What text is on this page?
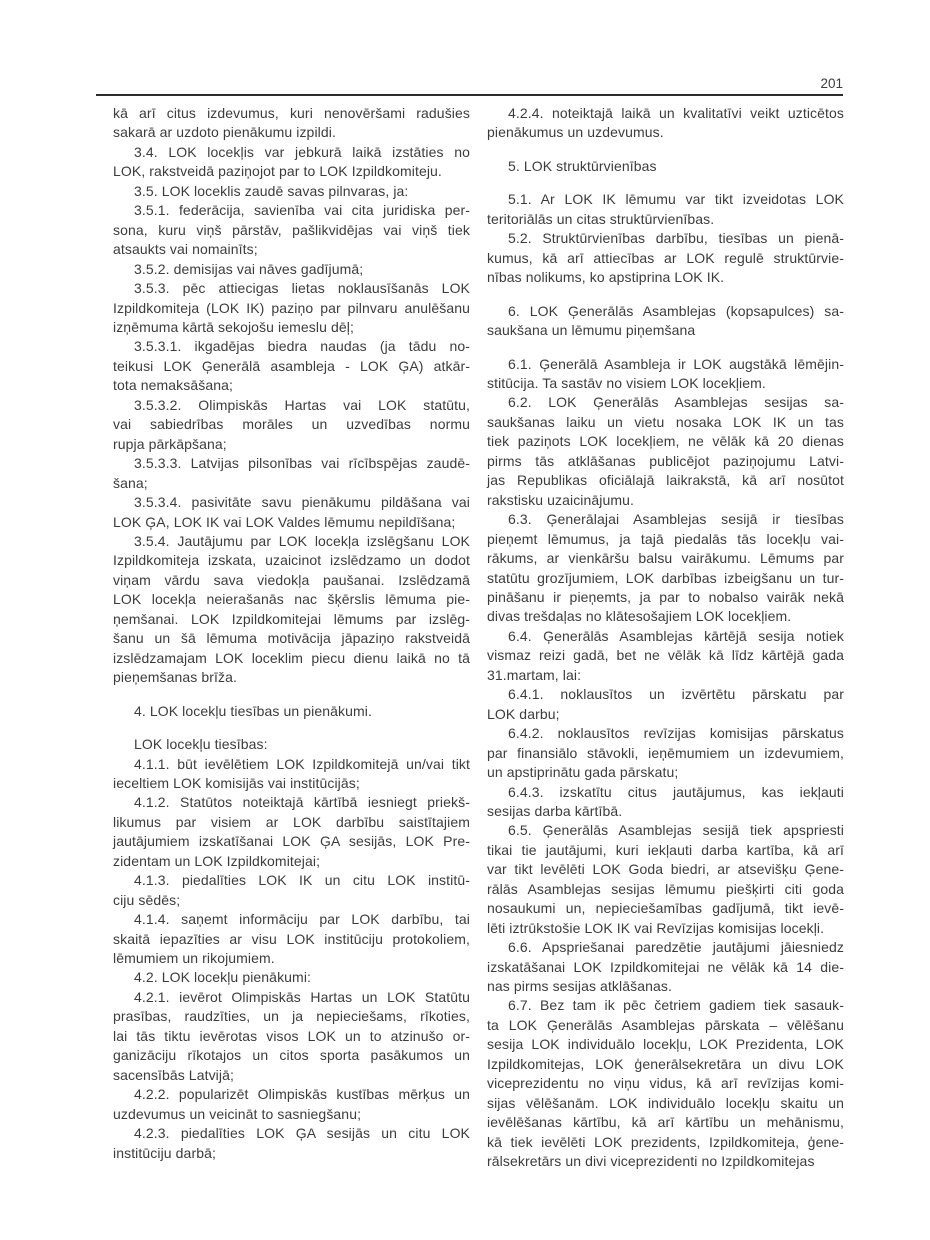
201
kā arī citus izdevumus, kuri nenovēršami radušies
sakarā ar uzdoto pienākumu izpildi.
3.4. LOK locekļis var jebkurā laikā izstāties no
LOK, rakstveidā paziņojot par to LOK Izpildkomiteju.
3.5. LOK loceklis zaudē savas pilnvaras, ja:
3.5.1. federācija, savienība vai cita juridiska per-
sona, kuru viņš pārstāv, pašlikvidējas vai viņš tiek
atsaukts vai nomainīts;
3.5.2. demisijas vai nāves gadījumā;
3.5.3. pēc attiecigas lietas noklausīšanās LOK
Izpildkomiteja (LOK IK) paziņo par pilnvaru anulēšanu
izņēmuma kārtā sekojošu iemeslu dēļ;
3.5.3.1. ikgadējas biedra naudas (ja tādu no-
teikusi LOK Ģenerālā asambleja - LOK ĢA) atkār-
tota nemaksāšana;
3.5.3.2. Olimpiskās Hartas vai LOK statūtu,
vai sabiedrības morāles un uzvedības normu
rupja pārkāpšana;
3.5.3.3. Latvijas pilsonības vai rīcībspējas zaudē-
šana;
3.5.3.4. pasivitāte savu pienākumu pildāšana vai
LOK ĢA, LOK IK vai LOK Valdes lēmumu nepildīšana;
3.5.4. Jautājumu par LOK locekļa izslēgšanu LOK
Izpildkomiteja izskata, uzaicinot izslēdzamo un dodot
viņam vārdu sava viedokļa paušanai. Izslēdzamā
LOK locekļa neierašanās nac šķērslis lēmuma pie-
ņemšanai. LOK Izpildkomitejai lēmums par izslēg-
šanu un šā lēmuma motivācija jāpaziņo rakstveidā
izslēdzamajam LOK loceklim piecu dienu laikā no tā
pieņemšanas brīža.
4. LOK locekļu tiesības un pienākumi.
LOK locekļu tiesības:
4.1.1. būt ievēlētiem LOK Izpildkomitejā un/vai tikt
ieceltiem LOK komisijās vai institūcijās;
4.1.2. Statūtos noteiktajā kārtībā iesniegt priekš-
likumus par visiem ar LOK darbību saistītajiem
jautājumiem izskatīšanai LOK ĢA sesijās, LOK Pre-
zidentam un LOK Izpildkomitejai;
4.1.3. piedalīties LOK IK un citu LOK institū-
ciju sēdēs;
4.1.4. saņemt informāciju par LOK darbību, tai
skaitā iepazīties ar visu LOK institūciju protokoliem,
lēmumiem un rikojumiem.
4.2. LOK locekļu pienākumi:
4.2.1. ievērot Olimpiskās Hartas un LOK Statūtu
prasības, raudzīties, un ja nepieciešams, rīkoties,
lai tās tiktu ievērotas visos LOK un to atzinušo or-
ganizāciju rīkotajos un citos sporta pasākumos un
sacensībās Latvijā;
4.2.2. popularizēt Olimpiskās kustības mērķus un
uzdevumus un veicināt to sasniegšanu;
4.2.3. piedalīties LOK ĢA sesijās un citu LOK
institūciju darbā;
4.2.4. noteiktajā laikā un kvalitatīvi veikt uzticētos
pienākumus un uzdevumus.
5. LOK struktūrvienības
5.1. Ar LOK IK lēmumu var tikt izveidotas LOK
teritoriālās un citas struktūrvienības.
5.2. Struktūrvienības darbību, tiesības un pienā-
kumus, kā arī attiecības ar LOK regulē struktūrvie-
nības nolikums, ko apstiprina LOK IK.
6. LOK Ģenerālās Asamblejas (kopsapulces) sa-
saukšana un lēmumu piņemšana
6.1. Ģenerālā Asambleja ir LOK augstākā lēmējin-
stitūcija. Ta sastāv no visiem LOK locekļiem.
6.2. LOK Ģenerālās Asamblejas sesijas sa-
saukšanas laiku un vietu nosaka LOK IK un tas
tiek paziņots LOK locekļiem, ne vēlāk kā 20 dienas
pirms tās atklāšanas publicējot paziņojumu Latvi-
jas Republikas oficiālajā laikrakstā, kā arī nosūtot
rakstisku uzaicinājumu.
6.3. Ģenerālajai Asamblejas sesijā ir tiesības
pieņemt lēmumus, ja tajā piedalās tās locekļu vai-
rākums, ar vienkāršu balsu vairākumu. Lēmums par
statūtu grozījumiem, LOK darbības izbeigšanu un tur-
pināšanu ir pieņemts, ja par to nobalso vairāk nekā
divas trešdaļas no klātesošajiem LOK locekļiem.
6.4. Ģenerālās Asamblejas kārtējā sesija notiek
vismaz reizi gadā, bet ne vēlāk kā līdz kārtējā gada
31.martam, lai:
6.4.1. noklausītos un izvērtētu pārskatu par
LOK darbu;
6.4.2. noklausītos revīzijas komisijas pārskatus
par finansiālo stāvokli, ieņēmumiem un izdevumiem,
un apstiprinātu gada pārskatu;
6.4.3. izskatītu citus jautājumus, kas iekļauti
sesijas darba kārtībā.
6.5. Ģenerālās Asamblejas sesijā tiek apspriesti
tikai tie jautājumi, kuri iekļauti darba kartība, kā arī
var tikt levēlēti LOK Goda biedri, ar atsevišķu Ģene-
rālās Asamblejas sesijas lēmumu piešķirti citi goda
nosaukumi un, nepieciešamības gadījumā, tikt ievē-
lēti iztrūkstošie LOK IK vai Revīzijas komisijas locekļi.
6.6. Apspriešanai paredzētie jautājumi jāiesniedz
izskatāšanai LOK Izpildkomitejai ne vēlāk kā 14 die-
nas pirms sesijas atklāšanas.
6.7. Bez tam ik pēc četriem gadiem tiek sasauk-
ta LOK Ģenerālās Asamblejas pārskata – vēlēšanu
sesija LOK individuālo locekļu, LOK Prezidenta, LOK
Izpildkomitejas, LOK ģenerālsekretāra un divu LOK
viceprezidentu no viņu vidus, kā arī revīzijas komi-
sijas vēlēšanām. LOK individuālo locekļu skaitu un
ievēlēšanas kārtību, kā arī kārtību un mehānismu,
kā tiek ievēlēti LOK prezidents, Izpildkomiteja, ģene-
rālsekretārs un divi viceprezidenti no Izpildkomitejas
